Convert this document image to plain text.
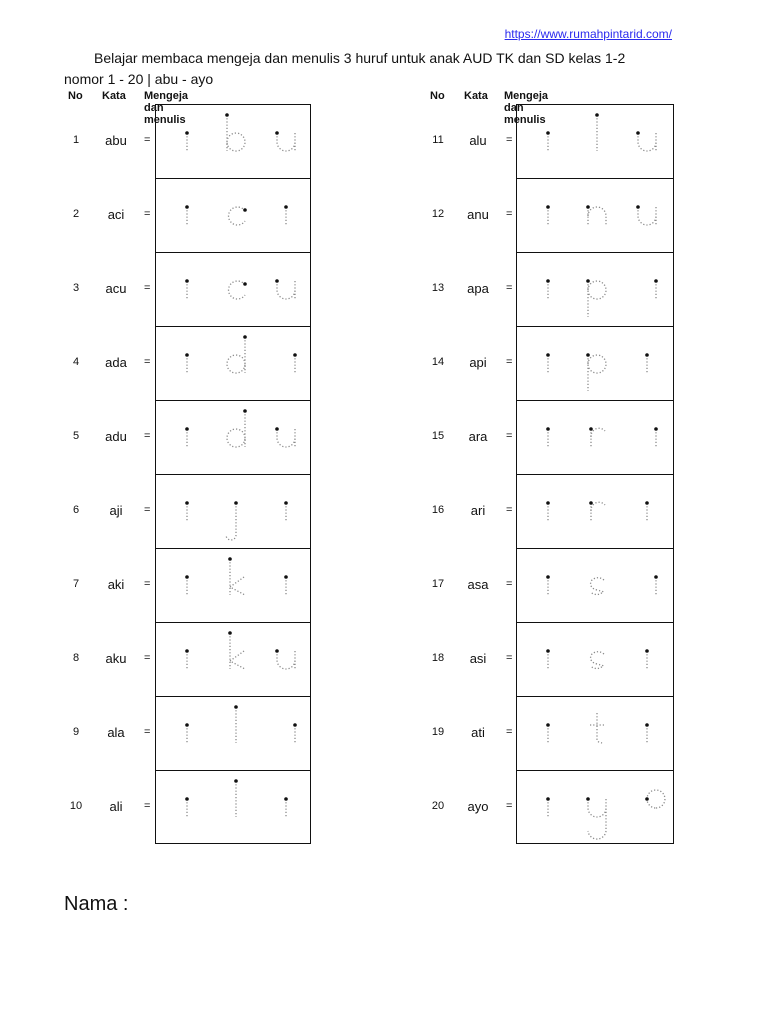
https://www.rumahpintarid.com/
Belajar membaca mengeja dan menulis 3 huruf untuk anak AUD TK dan SD kelas 1-2
nomor 1 - 20 | abu - ayo
No Kata Mengeja dan menulis
1	abu	=
2	aci	=
3	acu	=
4	ada	=
5	adu	=
6	aji	=
7	aki	=
8	aku	=
9	ala	=
10	ali	=
No Kata Mengeja dan menulis
11	alu	=
12	anu	=
13	apa	=
14	api	=
15	ara	=
16	ari	=
17	asa	=
18	asi	=
19	ati	=
20	ayo	=
Nama :
